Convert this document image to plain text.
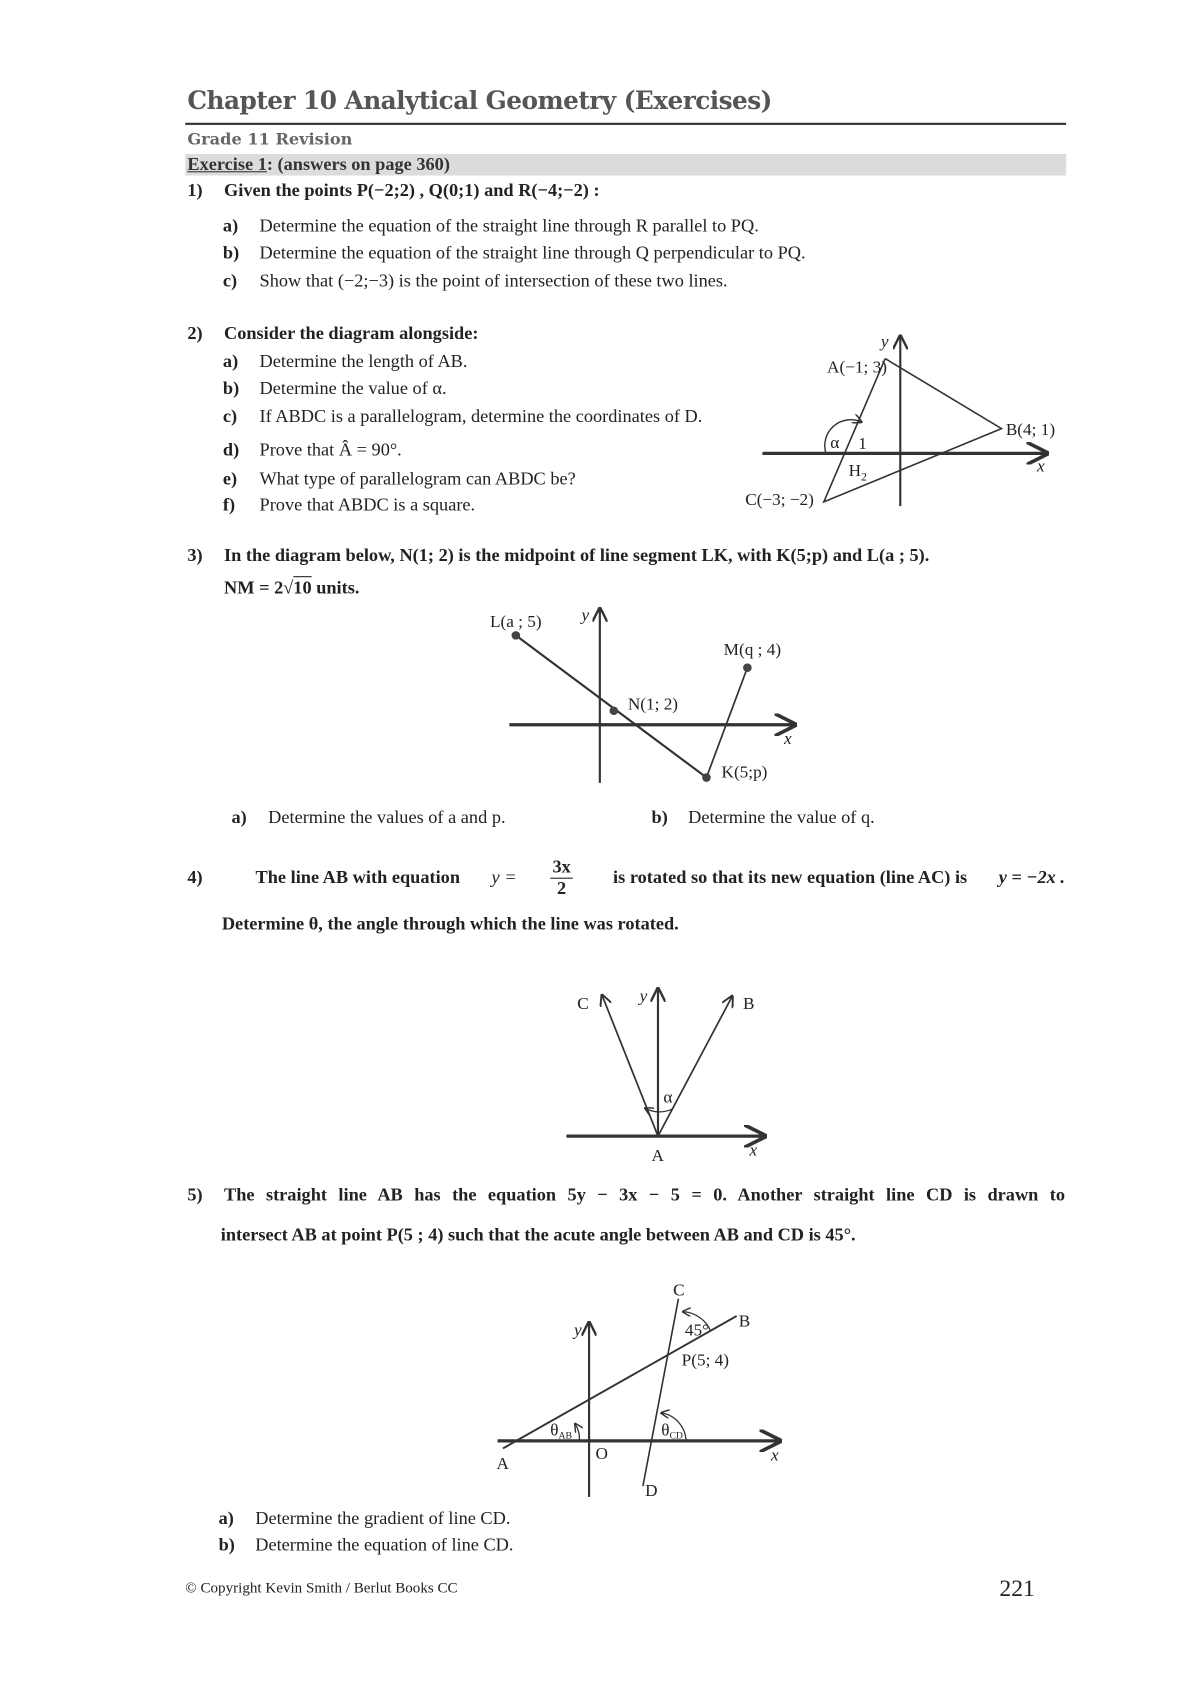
Chapter 10 Analytical Geometry (Exercises)
Grade 11 Revision
Exercise 1: (answers on page 360)
1) Given the points P(−2;2) , Q(0;1) and R(−4;−2) :
a) Determine the equation of the straight line through R parallel to PQ.
b) Determine the equation of the straight line through Q perpendicular to PQ.
c) Show that (−2;−3) is the point of intersection of these two lines.
2) Consider the diagram alongside:
a) Determine the length of AB.
b) Determine the value of α.
c) If ABDC is a parallelogram, determine the coordinates of D.
d) Prove that Â = 90°.
e) What type of parallelogram can ABDC be?
f) Prove that ABDC is a square.
A(−1; 3)
B(4; 1)
C(−3; −2)
α 1
$H_2$
y
x
L(a ; 5)
M(q ; 4)
N(1; 2)
K(5;p)
y
x
C	B
A
α
y
x
C
B
P(5; 4)
45°
θAB	θCD
A
O
D
y
x
3) In the diagram below, N(1; 2) is the midpoint of line segment LK, with K(5;p) and L(a ; 5).
NM = 2√10 units.
a) Determine the values of a and p.	b) Determine the value of q.
4)	The line AB with equation $y = \frac{3x}{2}$ is rotated so that its new equation (line AC) is y = −2x .
Determine θ, the angle through which the line was rotated.
5) The straight line AB has the equation 5y − 3x − 5 = 0. Another straight line CD is drawn to
intersect AB at point P(5 ; 4) such that the acute angle between AB and CD is 45°.
a) Determine the gradient of line CD.
b) Determine the equation of line CD.
© Copyright Kevin Smith / Berlut Books CC	221
